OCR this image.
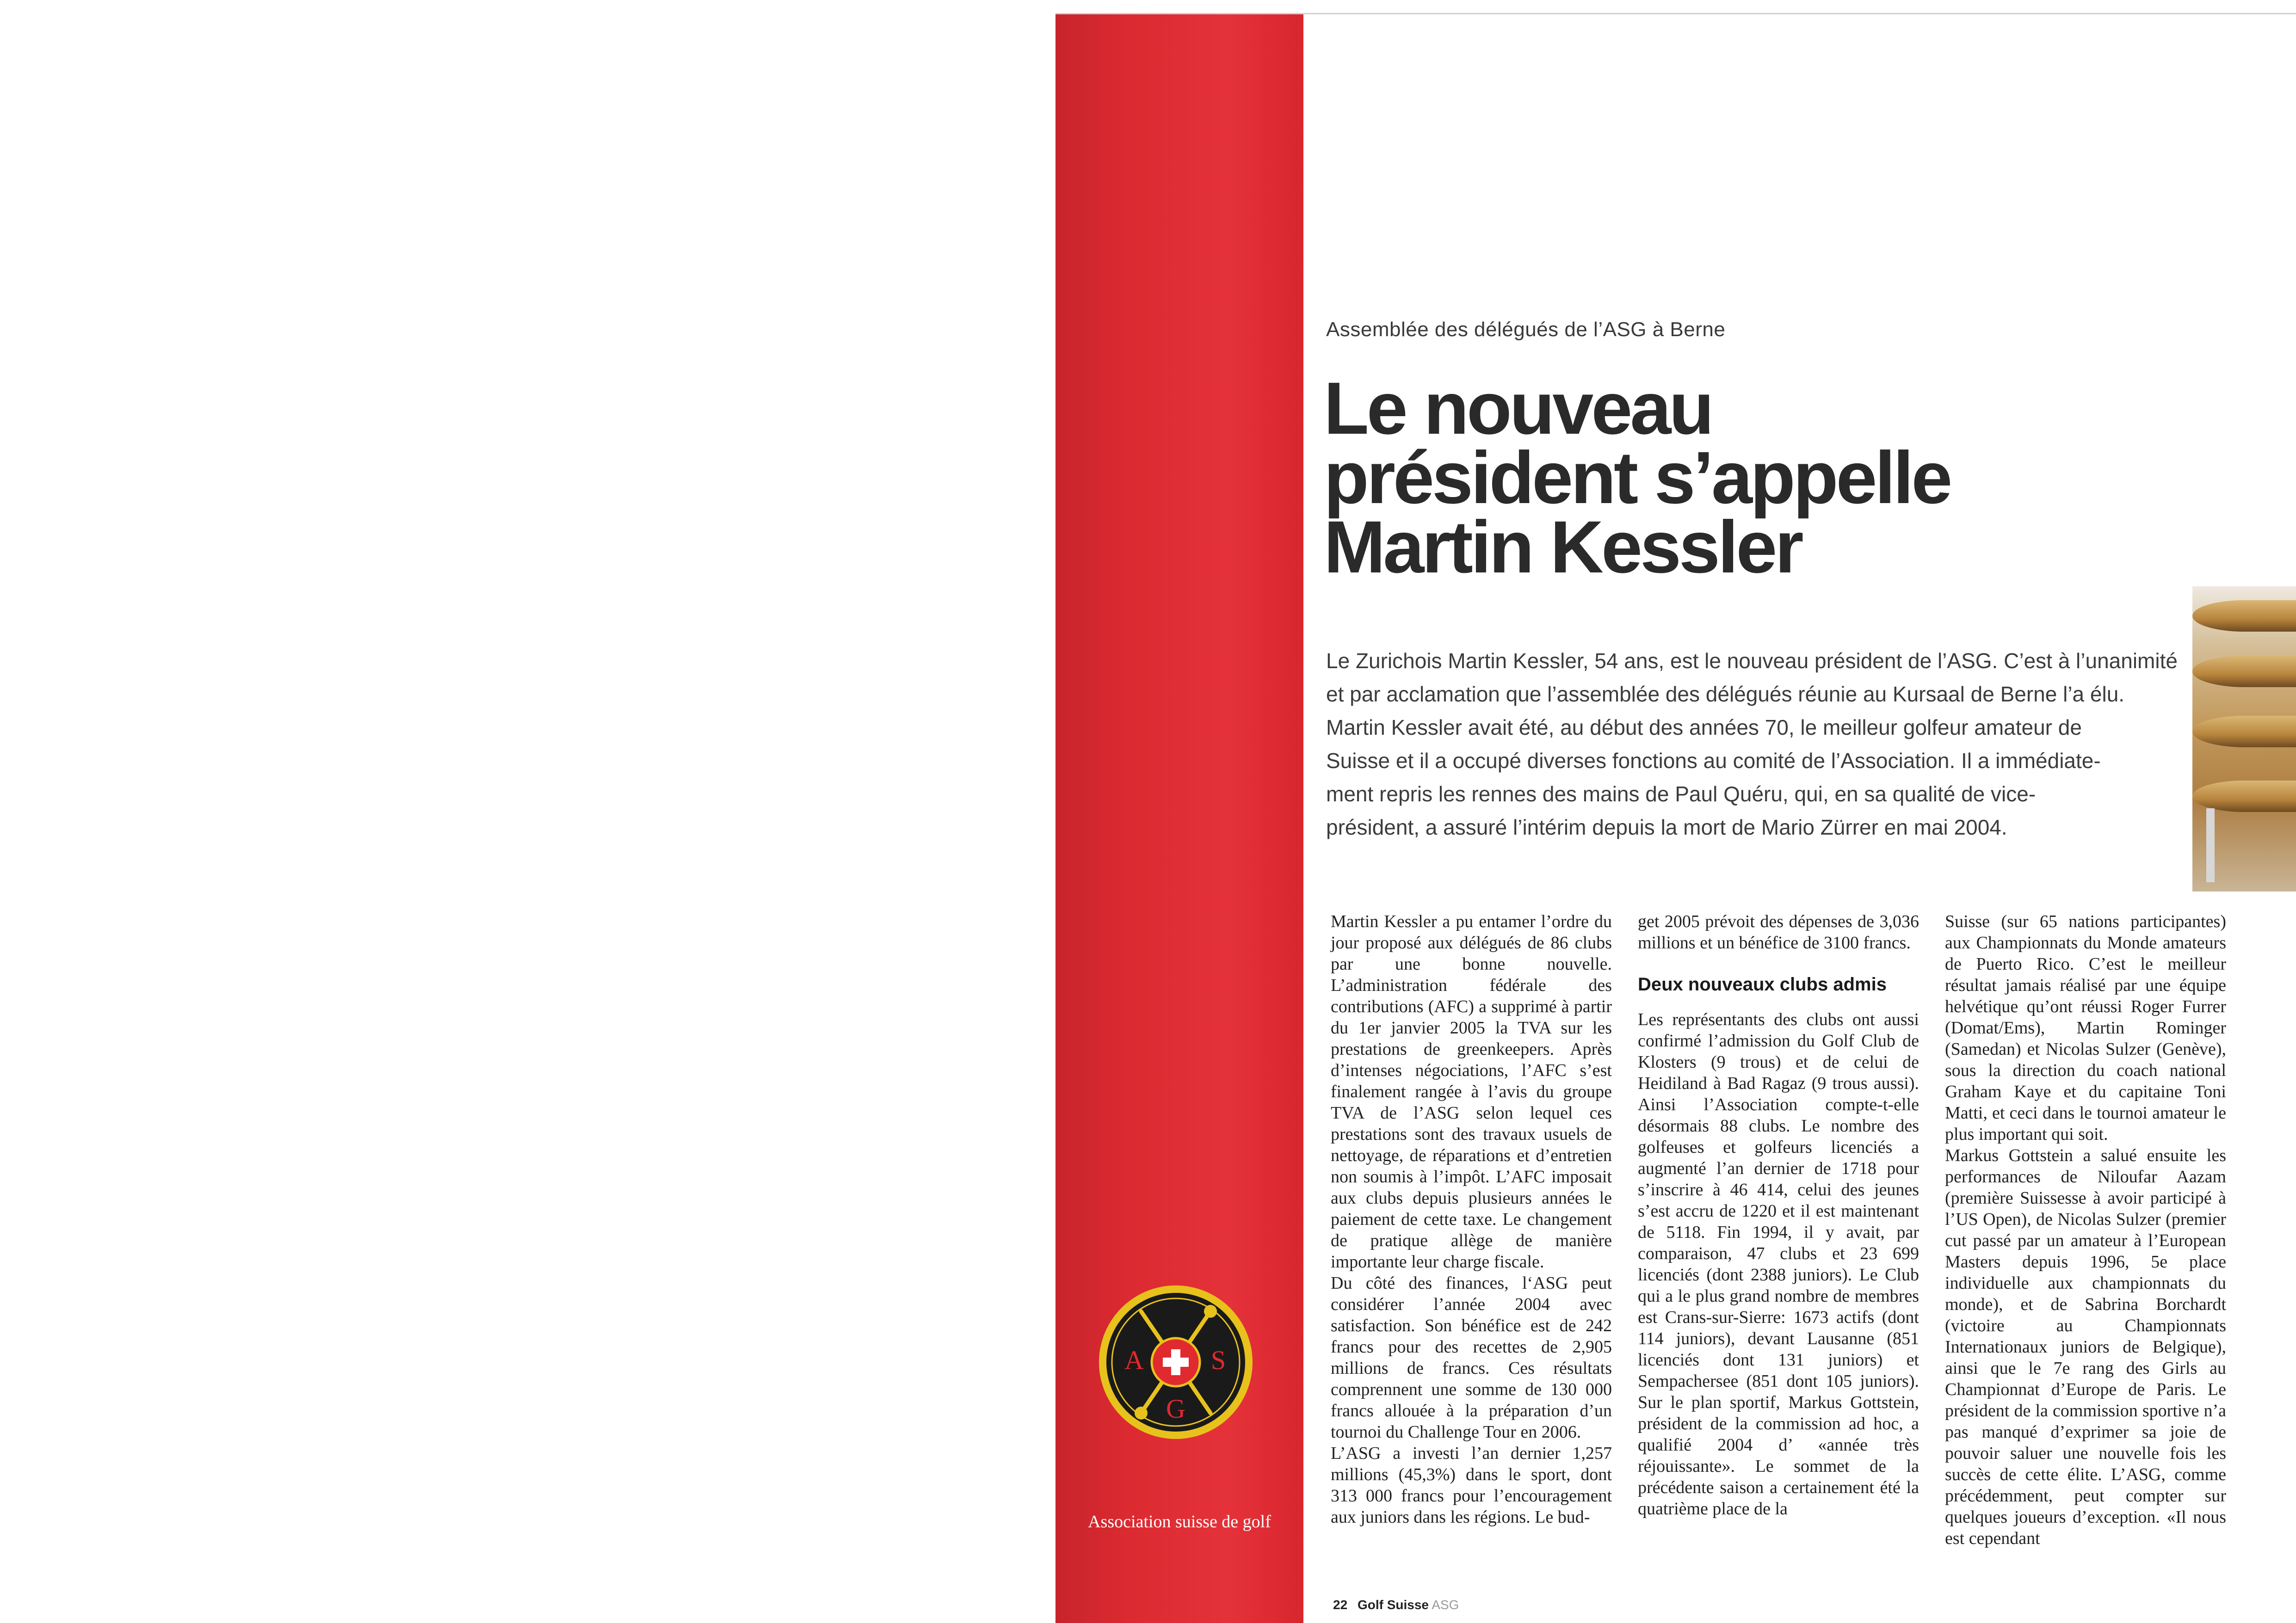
A S
G
Association suisse de golf
Assemblée des délégués de l’ASG à Berne
Le nouveau
président s’appelle
Martin Kessler
Le Zurichois Martin Kessler, 54 ans, est le nouveau président de l’ASG. C’est à l’unanimité
et par acclamation que l’assemblée des délégués réunie au Kursaal de Berne l’a élu.
Martin Kessler avait été, au début des années 70, le meilleur golfeur amateur de
Suisse et il a occupé diverses fonctions au comité de l’Association. Il a immédiate-
ment repris les rennes des mains de Paul Quéru, qui, en sa qualité de vice-
président, a assuré l’intérim depuis la mort de Mario Zürrer en mai 2004.

Martin Kessler a pu entamer l’ordre du jour proposé aux délégués de 86 clubs par une bonne nouvelle. L’administration fédérale des contributions (AFC) a supprimé à partir du 1er janvier 2005 la TVA sur les prestations de greenkeepers. Après d’intenses négociations, l’AFC s’est finalement rangée à l’avis du groupe TVA de l’ASG selon lequel ces prestations sont des travaux usuels de nettoyage, de réparations et d’entretien non soumis à l’impôt. L’AFC imposait aux clubs depuis plusieurs années le paiement de cette taxe. Le changement de pratique allège de manière importante leur charge fiscale.

Du côté des finances, l‘ASG peut considérer l’année 2004 avec satisfaction. Son bénéfice est de 242 francs pour des recettes de 2,905 millions de francs. Ces résultats comprennent une somme de 130 000 francs allouée à la préparation d’un tournoi du Challenge Tour en 2006.

L’ASG a investi l’an dernier 1,257 millions (45,3%) dans le sport, dont 313 000 francs pour l’encouragement aux juniors dans les régions. Le bud-

get 2005 prévoit des dépenses de 3,036 millions et un bénéfice de 3100 francs.

Deux nouveaux clubs admis

Les représentants des clubs ont aussi confirmé l’admission du Golf Club de Klosters (9 trous) et de celui de Heidiland à Bad Ragaz (9 trous aussi). Ainsi l’Association compte-t-elle désormais 88 clubs. Le nombre des golfeuses et golfeurs licenciés a augmenté l’an dernier de 1718 pour s’inscrire à 46 414, celui des jeunes s’est accru de 1220 et il est maintenant de 5118. Fin 1994, il y avait, par comparaison, 47 clubs et 23 699 licenciés (dont 2388 juniors). Le Club qui a le plus grand nombre de membres est Crans-sur-Sierre: 1673 actifs (dont 114 juniors), devant Lausanne (851 licenciés dont 131 juniors) et Sempachersee (851 dont 105 juniors). Sur le plan sportif, Markus Gottstein, président de la commission ad hoc, a qualifié 2004 d’ «année très réjouissante». Le sommet de la précédente saison a certainement été la quatrième place de la

Suisse (sur 65 nations participantes) aux Championnats du Monde amateurs de Puerto Rico. C’est le meilleur résultat jamais réalisé par une équipe helvétique qu’ont réussi Roger Furrer (Domat/Ems), Martin Rominger (Samedan) et Nicolas Sulzer (Genève), sous la direction du coach national Graham Kaye et du capitaine Toni Matti, et ceci dans le tournoi amateur le plus important qui soit.

Markus Gottstein a salué ensuite les performances de Niloufar Aazam (première Suissesse à avoir participé à l’US Open), de Nicolas Sulzer (premier cut passé par un amateur à l’European Masters depuis 1996, 5e place individuelle aux championnats du monde), et de Sabrina Borchardt (victoire au Championnats Internationaux juniors de Belgique), ainsi que le 7e rang des Girls au Championnat d’Europe de Paris. Le président de la commission sportive n’a pas manqué d’exprimer sa joie de pouvoir saluer une nouvelle fois les succès de cette élite. L’ASG, comme précédemment, peut compter sur quelques joueurs d’exception. «Il nous est cependant

22 Golf Suisse ASG
